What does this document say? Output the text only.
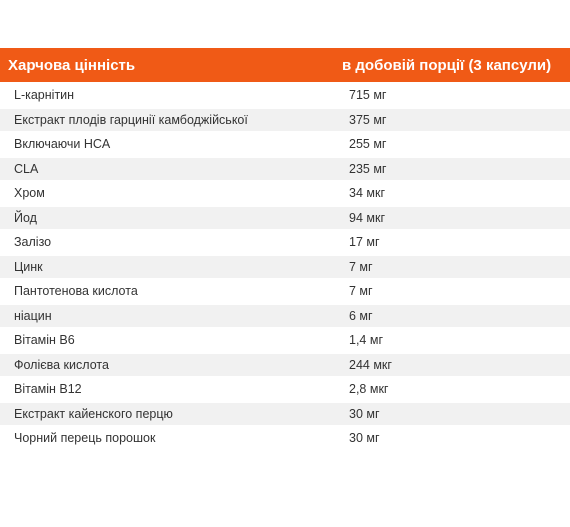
Харчова цінність	в добовій порції (3 капсули)
L-карнітин	715 мг
Екстракт плодів гарцинії камбоджійської	375 мг
Включаючи HCA	255 мг
CLA	235 мг
Хром	34 мкг
Йод	94 мкг
Залізо	17 мг
Цинк	7 мг
Пантотенова кислота	7 мг
ніацин	6 мг
Вітамін В6	1,4 мг
Фолієва кислота	244 мкг
Вітамін B12	2,8 мкг
Екстракт кайенского перцю	30 мг
Чорний перець порошок	30 мг
